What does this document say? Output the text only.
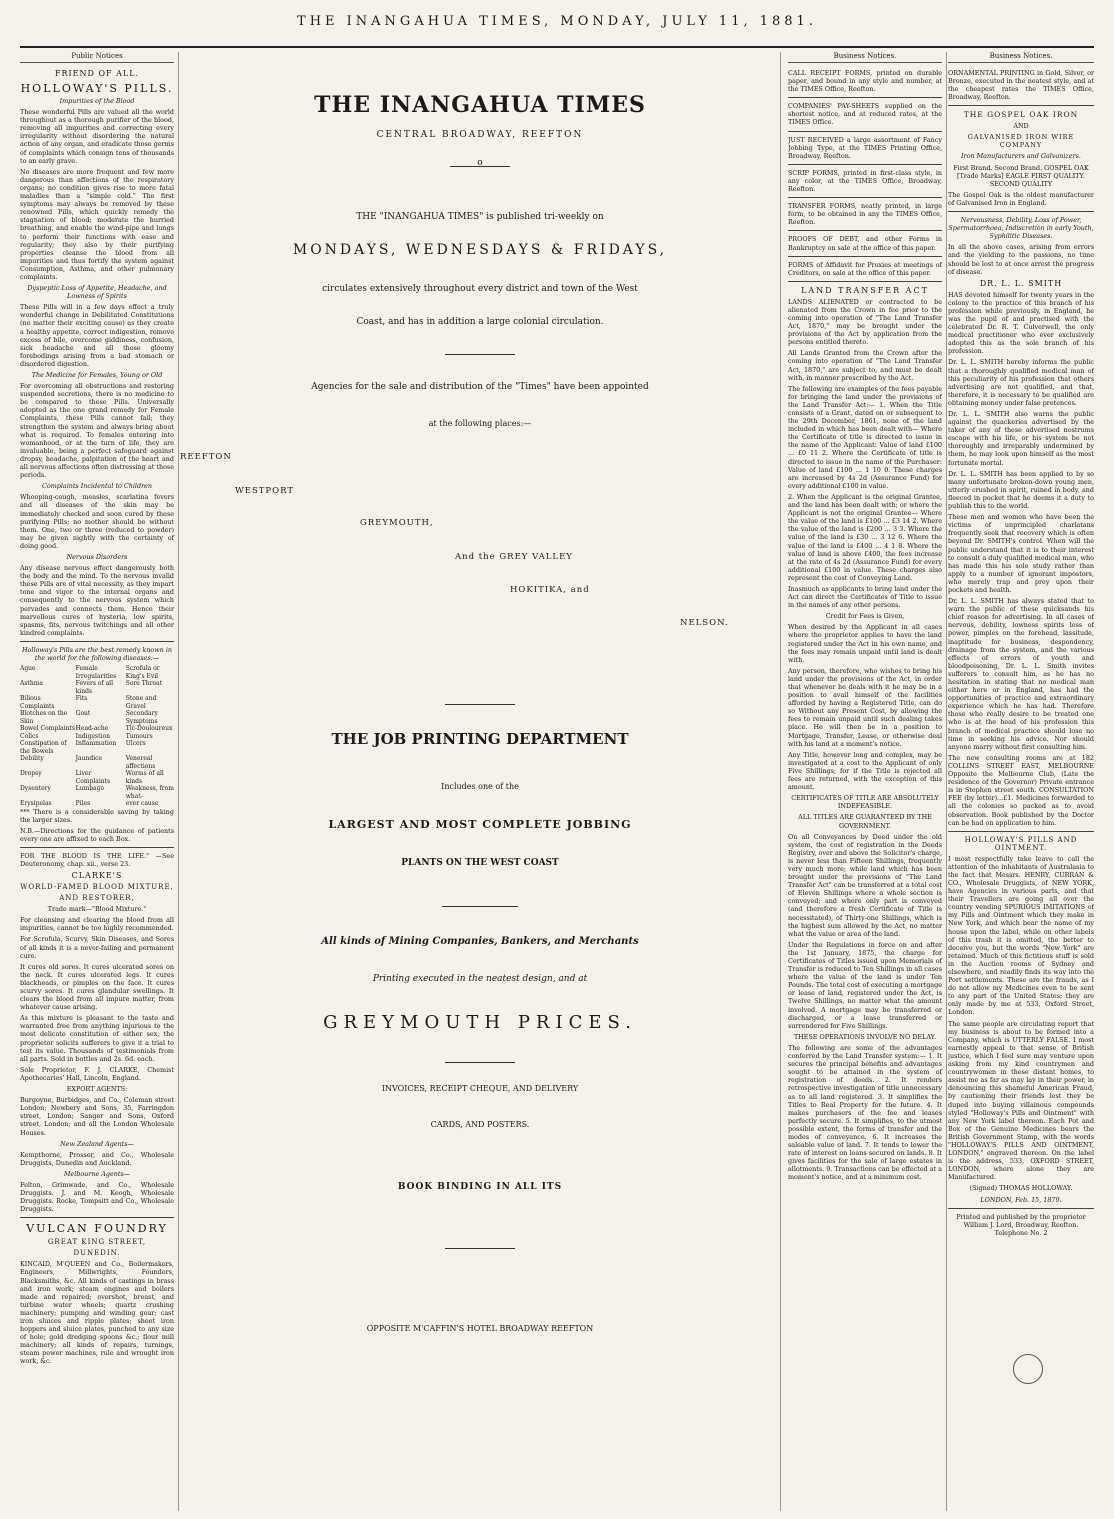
THE INANGAHUA TIMES, MONDAY, JULY 11, 1881.
Public Notices
FRIEND OF ALL.
HOLLOWAY'S PILLS.
Impurities of the Blood

These wonderful Pills are valued all the world throughout as a thorough purifier of the blood, removing all impurities and correcting every irregularity without disordering the natural action of any organ, and eradicate those germs of complaints which consign tens of thousands to an early grave.

No diseases are more frequent and few more dangerous than affections of the respiratory organs; no condition gives rise to more fatal maladies than a "simple cold." The first symptoms may always be removed by these renowned Pills, which quickly remedy the stagnation of blood; moderate the hurried breathing, and enable the wind-pipe and lungs to perform their functions with ease and regularity; they also by their purifying properties cleanse the blood from all impurities and thus fortify the system against Consumption, Asthma, and other pulmonary complaints.

Dyspeptic Loss of Appetite, Headache, and Lowness of Spirits

These Pills will in a few days effect a truly wonderful change in Debilitated Constitutions (no matter their exciting cause) as they create a healthy appetite, correct indigestion, remove excess of bile, overcome giddiness, confusion, sick headache and all those gloomy forebodings arising from a bad stomach or disordered digestion.

The Medicine for Females, Young or Old

For overcoming all obstructions and restoring suspended secretions, there is no medicine to be compared to these Pills. Universally adopted as the one grand remedy for Female Complaints, these Pills cannot fail; they strengthen the system and always bring about what is required. To females entering into womanhood, or at the turn of life, they are invaluable, being a perfect safeguard against dropsy, headache, palpitation of the heart and all nervous affections often distressing at those periods.

Complaints Incidental to Children

Whooping-cough, measles, scarlatina fevers and all diseases of the skin may be immediately checked and soon cured by these purifying Pills; no mother should be without them. One, two or three (reduced to powder) may be given nightly with the certainty of doing good.

Nervous Disorders

Any disease nervous effect dangerously both the body and the mind. To the nervous invalid these Pills are of vital necessity, as they impart tone and vigor to the internal organs and consequently to the nervous system which pervades and connects them. Hence their marvellous cures of hysteria, low spirits, spasms, fits, nervous twitchings and all other kindred complaints.

Holloway's Pills are the best remedy known in the world for the following diseases:—

Ague	Female Irregularities	Scrofula or King's Evil
Asthma	Fevers of all kinds	Sore Throat
Bilious Complaints	Fits	Stone and Gravel
Blotches on the Skin	Gout	Secondary Symptoms
Bowel Complaints	Head-ache	Tic-Douloureux
Colics	Indigestion	Tumours
Constipation of the Bowels	Inflammation	Ulcers
Debility	Jaundice	Venereal affections
Dropsy	Liver Complaints	Worms of all kinds
Dysentery	Lumbago	Weakness, from what-
Erysipelas	Piles	ever cause

*** There is a considerable saving by taking the larger sizes.

N.B.—Directions for the guidance of patients every one are affixed to each Box.

FOR THE BLOOD IS THE LIFE." —See Deuteronomy, chap. xii., verse 23.

CLARKE'S
WORLD-FAMED BLOOD MIXTURE,
AND RESTORER,

Trade mark—"Blood Mixture."

For cleansing and clearing the blood from all impurities, cannot be too highly recommended.

For Scrofula, Scurvy, Skin Diseases, and Sores of all kinds it is a never-failing and permanent cure.

It cures old sores. It cures ulcerated sores on the neck. It cures ulcerated legs. It cures blackheads, or pimples on the face. It cures scurvy sores. It cures glandular swellings. It clears the blood from all impure matter, from whatever cause arising.

As this mixture is pleasant to the taste and warranted free from anything injurious to the most delicate constitution of either sex, the proprietor solicits sufferers to give it a trial to test its value. Thousands of testimonials from all parts. Sold in bottles and 2s. 6d. each.

Sole Proprietor, F. J. CLARKE, Chemist Apothecaries' Hall, Lincoln, England.

EXPORT AGENTS:

Burgoyne, Burbidges, and Co., Coleman street London; Newbery and Sons, 35, Farringdon street, London; Sanger and Sons, Oxford street, London; and all the London Wholesale Houses.

New Zealand Agents—

Kempthorne, Prosser, and Co., Wholesale Druggists, Dunedin and Auckland.

Melbourne Agents—

Felton, Grimwade, and Co., Wholesale Druggists. J. and M. Keogh, Wholesale Druggists. Rocke, Tompsitt and Co., Wholesale Druggists.

VULCAN FOUNDRY
GREAT KING STREET,
DUNEDIN.

KINCAID, M'QUEEN and Co., Boilermakers, Engineers, Millwrights, Founders, Blacksmiths, &c. All kinds of castings in brass and iron work; steam engines and boilers made and repaired; overshot, breast, and turbine water wheels; quartz crushing machinery; pumping and winding gear; cast iron sluices and ripple plates; sheet iron hoppers and sluice plates, punched to any size of hole; gold dredging spoons &c.; flour mill machinery; all kinds of repairs, turnings, steam power machines, rule and wrought iron work, &c.

THE INANGAHUA TIMES
CENTRAL BROADWAY, REEFTON
o
THE "INANGAHUA TIMES" is published tri-weekly on
MONDAYS, WEDNESDAYS & FRIDAYS,
circulates extensively throughout every district and town of the West
Coast, and has in addition a large colonial circulation.
Agencies for the sale and distribution of the "Times" have been appointed
at the following places:—
REEFTON
WESTPORT
GREYMOUTH,
And the GREY VALLEY
HOKITIKA, and
NELSON.
THE JOB PRINTING DEPARTMENT
Includes one of the
LARGEST AND MOST COMPLETE JOBBING
PLANTS ON THE WEST COAST
All kinds of Mining Companies, Bankers, and Merchants
Printing executed in the neatest design, and at
GREYMOUTH PRICES.
INVOICES, RECEIPT CHEQUE, AND DELIVERY
CARDS, AND POSTERS.
BOOK BINDING IN ALL ITS
OPPOSITE M'CAFFIN'S HOTEL BROADWAY REEFTON
Business Notices.

CALL RECEIPT FORMS, printed on durable paper, and bound in any style and number, at the TIMES Office, Reefton.

COMPANIES' PAY-SHEETS supplied on the shortest notice, and at reduced rates, at the TIMES Office.

JUST RECEIVED a large assortment of Fancy Jobbing Type, at the TIMES Printing Office, Broadway, Reefton.

SCRIP FORMS, printed in first-class style, in any color, at the TIMES Office, Broadway, Reefton.

TRANSFER FORMS, neatly printed, in large form, to be obtained in any the TIMES Office, Reefton.

PROOFS OF DEBT, and other Forms in Bankruptcy on sale at the office of this paper.

FORMS of Affidavit for Proxies at meetings of Creditors, on sale at the office of this paper.

LAND TRANSFER ACT

LANDS ALIENATED or contracted to be alienated from the Crown in fee prior to the coming into operation of "The Land Transfer Act, 1870," may be brought under the provisions of the Act by application from the persons entitled thereto.

All Lands Granted from the Crown after the coming into operation of "The Land Transfer Act, 1870," are subject to, and must be dealt with, in manner prescribed by the Act.

The following are examples of the fees payable for bringing the land under the provisions of the Land Transfer Act:— 1. When the Title consists of a Grant, dated on or subsequent to the 29th December, 1861, none of the land included in which has been dealt with— Where the Certificate of title is directed to issue in the name of the Applicant: Value of land £100 ... £0 11 2. Where the Certificate of title is directed to issue in the name of the Purchaser: Value of land £100 ... 1 10 0. These charges are increased by 4s 2d (Assurance Fund) for every additional £100 in value.

2. When the Applicant is the original Grantee, and the land has been dealt with; or where the Applicant is not the original Grantee— Where the value of the land is £100 ... £3 14 2. Where the value of the land is £200 ... 3 3. Where the value of the land is £30 ... 3 12 6. Where the value of the land is £400 ... 4 1 8. Where the value of land is above £400, the fees increase at the rate of 4s 2d (Assurance Fund) for every additional £100 in value. These charges also represent the cost of Conveying Land.

Inasmuch as applicants to bring land under the Act can direct the Certificates of Title to issue in the names of any other persons.

Credit for Fees is Given,

When desired by the Applicant in all cases where the proprietor applies to have the land registered under the Act in his own name, and the fees may remain unpaid until land is dealt with.

Any person, therefore, who wishes to bring his land under the provisions of the Act, in order that whenever he deals with it he may be in a position to avail himself of the facilities afforded by having a Registered Title, can do so Without any Present Cost, by allowing the fees to remain unpaid until such dealing takes place. He will then be in a position to Mortgage, Transfer, Lease, or otherwise deal with his land at a moment's notice.

Any Title, however long and complex, may be investigated at a cost to the Applicant of only Five Shillings; for if the Title is rejected all fees are returned, with the exception of this amount.

CERTIFICATES OF TITLE ARE ABSOLUTELY INDEFEASIBLE.
ALL TITLES ARE GUARANTEED BY THE GOVERNMENT.

On all Conveyances by Deed under the old system, the cost of registration in the Deeds Registry, over and above the Solicitor's charge, is never less than Fifteen Shillings, frequently very much more; while land which has been brought under the provisions of "The Land Transfer Act" can be transferred at a total cost of Eleven Shillings where a whole section is conveyed; and where only part is conveyed (and therefore a fresh Certificate of Title is necessitated), of Thirty-one Shillings, which is the highest sum allowed by the Act, no matter what the value or area of the land.

Under the Regulations in force on and after the 1st January, 1875, the charge for Certificates of Titles issued upon Memorials of Transfer is reduced to Ten Shillings in all cases where the value of the land is under Ten Pounds. The total cost of executing a mortgage or lease of land, registered under the Act, is Twelve Shillings, no matter what the amount involved. A mortgage may be transferred or discharged, or a lease transferred or surrendered for Five Shillings.

THESE OPERATIONS INVOLVE NO DELAY.

The following are some of the advantages conferred by the Land Transfer system:— 1. It secures the principal benefits and advantages sought to be attained in the system of registration of deeds. 2. It renders retrospective investigation of title unnecessary as to all land registered. 3. It simplifies the Titles to Real Property for the future. 4. It makes purchasers of the fee and leases perfectly secure. 5. It simplifies, to the utmost possible extent, the forms of transfer and the modes of conveyance. 6. It increases the saleable value of land. 7. It tends to lower the rate of interest on loans secured on lands. 8. It gives facilities for the sale of large estates in allotments. 9. Transactions can be effected at a moment's notice, and at a minimum cost.

Business Notices.

ORNAMENTAL PRINTING in Gold, Silver, or Bronze, executed in the neatest style, and at the cheapest rates the TIMES Office, Broadway, Reefton.

THE GOSPEL OAK IRON
AND
GALVANISED IRON WIRE COMPANY
Iron Manufacturers and Galvanizers.

First Brand. Second Brand. GOSPEL OAK [Trade Marks] EAGLE FIRST QUALITY. SECOND QUALITY

The Gospel Oak is the oldest manufacturer of Galvanised Iron in England.

Nervousness, Debility, Loss of Power, Spermatorrhoea, Indiscretion in early Youth, Syphilitic Diseases.

In all the above cases, arising from errors and the yielding to the passions, no time should be lost to at once arrest the progress of disease.

DR. L. L. SMITH

HAS devoted himself for twenty years in the colony to the practice of this branch of his profession while previously, in England, he was the pupil of and practised with the celebrated Dr. R. T. Culverwell, the only medical practitioner who ever exclusively adopted this as the sole branch of his profession.

Dr. L. L. SMITH hereby informs the public that a thoroughly qualified medical man of this peculiarity of his profession that others advertising are not qualified, and that, therefore, it is necessary to be qualified are obtaining money under false pretences.

Dr. L. L. SMITH also warns the public against the quackeries advertised by the taker of any of these advertised nostrums escape with his life, or his system be not thoroughly and irreparably undermined by them, he may look upon himself as the most fortunate mortal.

Dr. L. L. SMITH has been applied to by so many unfortunate broken-down young men, utterly crushed in spirit, ruined in body, and fleeced in pocket that he deems it a duty to publish this to the world.

These men and women who have been the victims of unprincipled charlatans frequently seek that recovery which is often beyond Dr. SMITH's control. When will the public understand that it is to their interest to consult a duly qualified medical man, who has made this his sole study rather than apply to a number of ignorant impostors, who merely trap and prey upon their pockets and health.

Dr. L. L. SMITH has always stated that to warn the public of these quicksands his chief reason for advertising. In all cases of nervous, debility, lowness spirits loss of power, pimples on the forehead, lassitude, inaptitude for business, despondency, drainage from the system, and the various effects of errors of youth and bloodpoisoning, Dr. L. L. Smith invites sufferers to consult him, as he has no hesitation in stating that no medical man either here or in England, has had the opportunities of practice and extraordinary experience which he has had. Therefore those who really desire to be treated one who is at the head of his profession this branch of medical practice should lose no time in seeking his advice. Nor should anyone marry without first consulting him.

The new consulting rooms are at 182 COLLINS STREET EAST, MELBOURNE Opposite the Melbourne Club, (Late the residence of the Governor) Private entrance is in Stephen street south. CONSULTATION FEE (by letter)...£1. Medicines forwarded to all the colonies so packed as to avoid observation. Book published by the Doctor can be had on application to him.

HOLLOWAY'S PILLS AND OINTMENT.

I most respectfully take leave to call the attention of the inhabitants of Australasia to the fact that Messrs. HENRY, CURRAN & CO., Wholesale Druggists, of NEW YORK, have Agencies in various parts, and that their Travellers are going all over the country vending SPURIOUS IMITATIONS of my Pills and Ointment which they make in New York, and which bear the name of my house upon the label, while on other labels of this trash it is omitted, the better to deceive you, but the words "New York" are retained. Much of this fictitious stuff is sold in the Auction rooms of Sydney and elsewhere, and readily finds its way into the Port settlements. These are the frauds, as I do not allow my Medicines even to be sent to any part of the United States; they are only made by me at 533, Oxford Street, London.

The same people are circulating report that my business is about to be formed into a Company, which is UTTERLY FALSE. I most earnestly appeal to that sense of British justice, which I feel sure may venture upon asking from my kind countrymen and countrywomen in these distant homes, to assist me as far as may lay in their power, in denouncing this shameful American Fraud, by cautioning their friends lest they be duped into buying villainous compounds styled "Holloway's Pills and Ointment" with any New York label thereon. Each Pot and Box of the Genuine Medicines bears the British Government Stamp, with the words "HOLLOWAY'S PILLS AND OINTMENT, LONDON," engraved thereon. On the label is the address, 533, OXFORD STREET, LONDON, where alone they are Manufactured.

(Signed) THOMAS HOLLOWAY.

LONDON, Feb. 15, 1879.

Printed and published by the proprietor William J. Lord, Broadway, Reefton. Telephone No. 2
